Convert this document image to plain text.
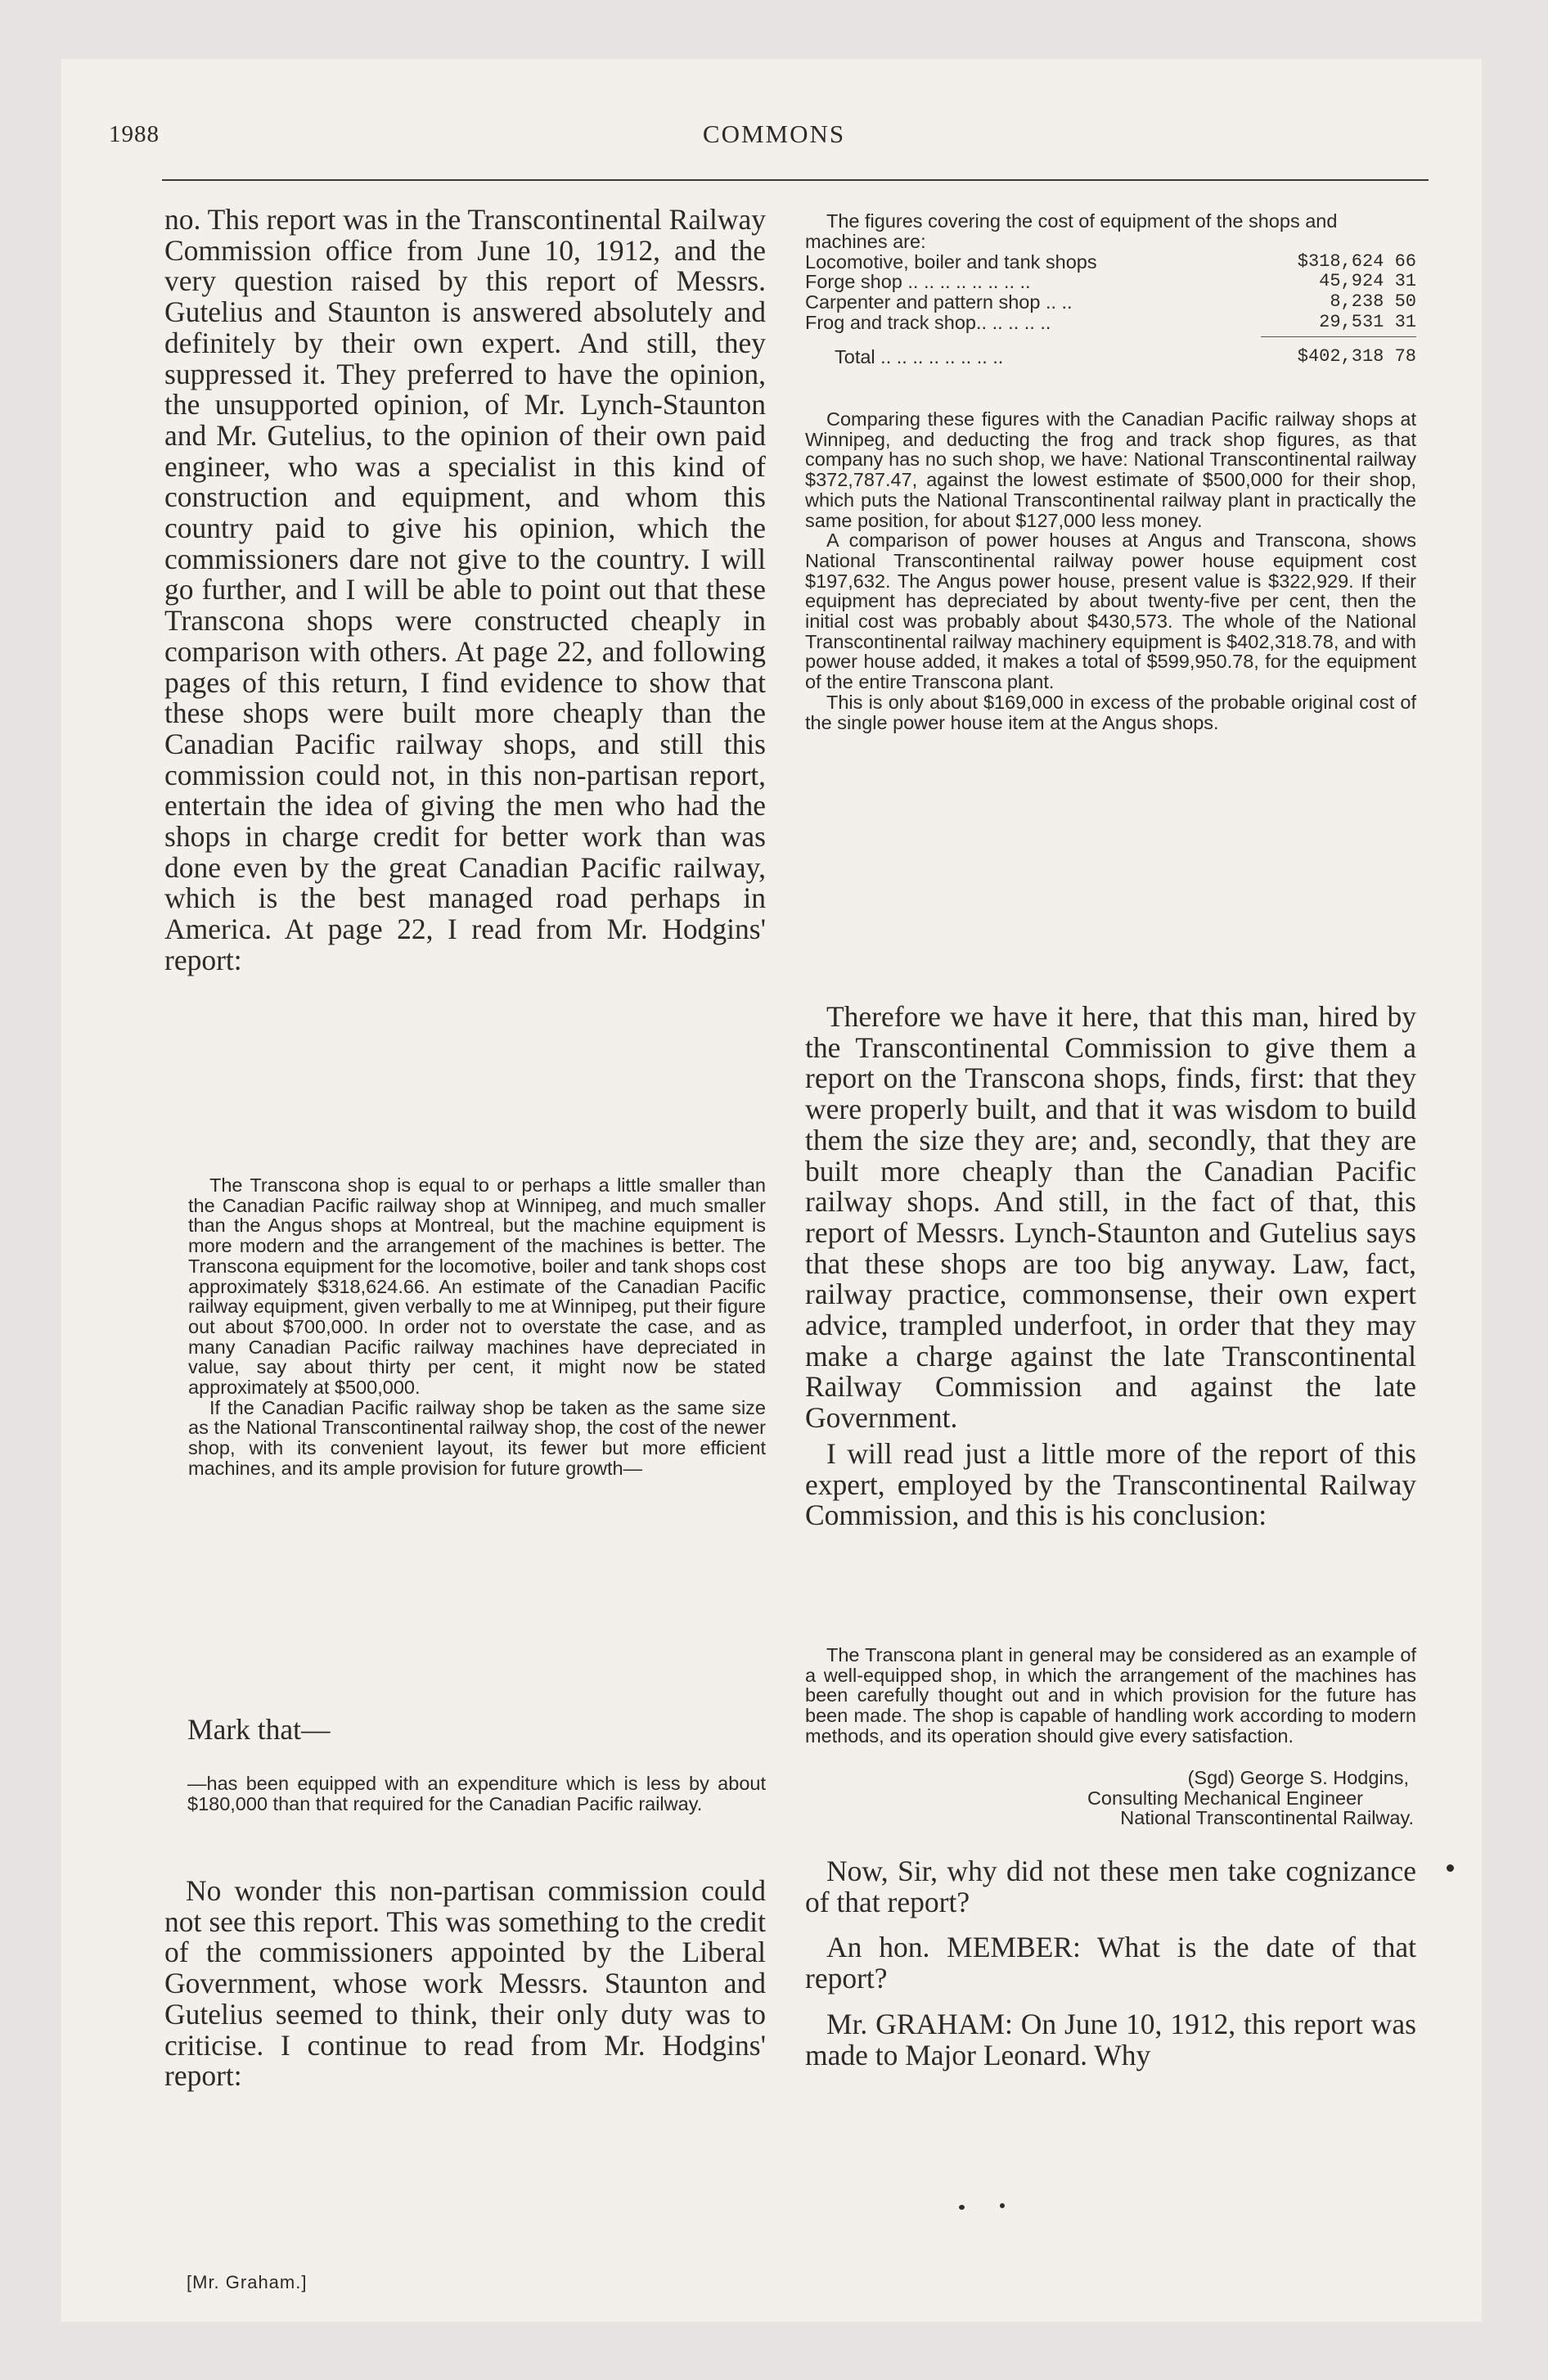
1988	COMMONS

no. This report was in the Transcontinental Railway Commission office from June 10, 1912, and the very question raised by this report of Messrs. Gutelius and Staunton is answered absolutely and definitely by their own expert. And still, they suppressed it. They preferred to have the opinion, the unsupported opinion, of Mr. Lynch-Staunton and Mr. Gutelius, to the opinion of their own paid engineer, who was a specialist in this kind of construction and equipment, and whom this country paid to give his opinion, which the commissioners dare not give to the country. I will go further, and I will be able to point out that these Transcona shops were constructed cheaply in comparison with others. At page 22, and following pages of this return, I find evidence to show that these shops were built more cheaply than the Canadian Pacific railway shops, and still this commission could not, in this non-partisan report, entertain the idea of giving the men who had the shops in charge credit for better work than was done even by the great Canadian Pacific railway, which is the best managed road perhaps in America. At page 22, I read from Mr. Hodgins' report:

The Transcona shop is equal to or perhaps a little smaller than the Canadian Pacific railway shop at Winnipeg, and much smaller than the Angus shops at Montreal, but the machine equipment is more modern and the arrangement of the machines is better. The Transcona equipment for the locomotive, boiler and tank shops cost approximately $318,624.66. An estimate of the Canadian Pacific railway equipment, given verbally to me at Winnipeg, put their figure out about $700,000. In order not to overstate the case, and as many Canadian Pacific railway machines have depreciated in value, say about thirty per cent, it might now be stated approximately at $500,000.

If the Canadian Pacific railway shop be taken as the same size as the National Transcontinental railway shop, the cost of the newer shop, with its convenient layout, its fewer but more efficient machines, and its ample provision for future growth—

Mark that—

—has been equipped with an expenditure which is less by about $180,000 than that required for the Canadian Pacific railway.

No wonder this non-partisan commission could not see this report. This was something to the credit of the commissioners appointed by the Liberal Government, whose work Messrs. Staunton and Gutelius seemed to think, their only duty was to criticise. I continue to read from Mr. Hodgins' report:

[Mr. Graham.]

The figures covering the cost of equipment of the shops and machines are:

Locomotive, boiler and tank shops	$318,624 66
Forge shop .. .. .. .. .. .. .. ..	45,924 31
Carpenter and pattern shop .. ..	8,238 50
Frog and track shop.. .. .. .. ..	29,531 31
Total .. .. .. .. .. .. .. ..	$402,318 78

Comparing these figures with the Canadian Pacific railway shops at Winnipeg, and deducting the frog and track shop figures, as that company has no such shop, we have: National Transcontinental railway $372,787.47, against the lowest estimate of $500,000 for their shop, which puts the National Transcontinental railway plant in practically the same position, for about $127,000 less money.

A comparison of power houses at Angus and Transcona, shows National Transcontinental railway power house equipment cost $197,632. The Angus power house, present value is $322,929. If their equipment has depreciated by about twenty-five per cent, then the initial cost was probably about $430,573. The whole of the National Transcontinental railway machinery equipment is $402,318.78, and with power house added, it makes a total of $599,950.78, for the equipment of the entire Transcona plant.

This is only about $169,000 in excess of the probable original cost of the single power house item at the Angus shops.

Therefore we have it here, that this man, hired by the Transcontinental Commission to give them a report on the Transcona shops, finds, first: that they were properly built, and that it was wisdom to build them the size they are; and, secondly, that they are built more cheaply than the Canadian Pacific railway shops. And still, in the fact of that, this report of Messrs. Lynch-Staunton and Gutelius says that these shops are too big anyway. Law, fact, railway practice, commonsense, their own expert advice, trampled underfoot, in order that they may make a charge against the late Transcontinental Railway Commission and against the late Government.

I will read just a little more of the report of this expert, employed by the Transcontinental Railway Commission, and this is his conclusion:

The Transcona plant in general may be considered as an example of a well-equipped shop, in which the arrangement of the machines has been carefully thought out and in which provision for the future has been made. The shop is capable of handling work according to modern methods, and its operation should give every satisfaction.

(Sgd) George S. Hodgins,
Consulting Mechanical Engineer
National Transcontinental Railway.

Now, Sir, why did not these men take cognizance of that report?

An hon. MEMBER: What is the date of that report?

Mr. GRAHAM: On June 10, 1912, this report was made to Major Leonard. Why
